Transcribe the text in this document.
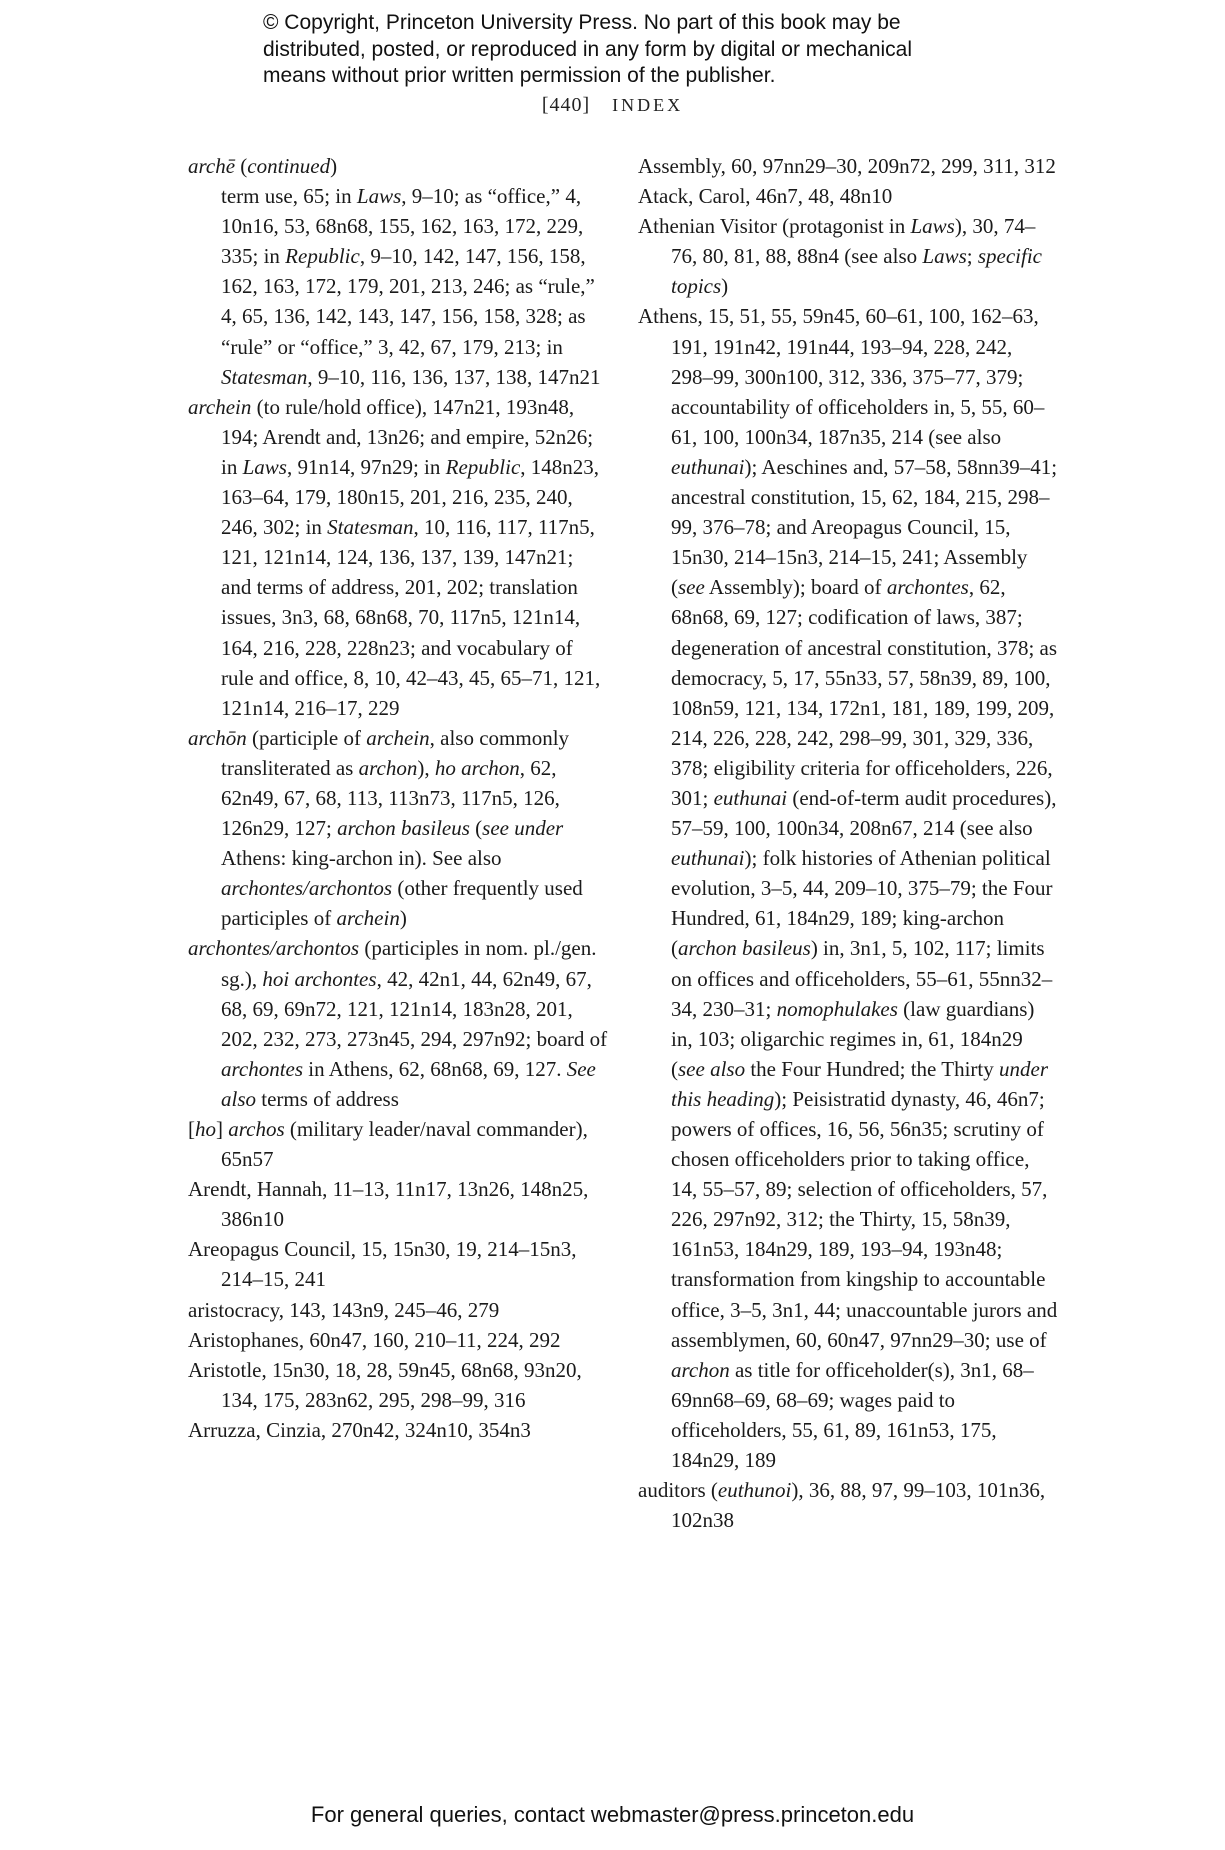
© Copyright, Princeton University Press. No part of this book may be
distributed, posted, or reproduced in any form by digital or mechanical
means without prior written permission of the publisher.
[440] INDEX

archē (continued)

term use, 65; in Laws, 9–10; as “office,” 4, 10n16, 53, 68n68, 155, 162, 163, 172, 229, 335; in Republic, 9–10, 142, 147, 156, 158, 162, 163, 172, 179, 201, 213, 246; as “rule,” 4, 65, 136, 142, 143, 147, 156, 158, 328; as “rule” or “office,” 3, 42, 67, 179, 213; in Statesman, 9–10, 116, 136, 137, 138, 147n21

archein (to rule/hold office), 147n21, 193n48, 194; Arendt and, 13n26; and empire, 52n26; in Laws, 91n14, 97n29; in Republic, 148n23, 163–64, 179, 180n15, 201, 216, 235, 240, 246, 302; in Statesman, 10, 116, 117, 117n5, 121, 121n14, 124, 136, 137, 139, 147n21; and terms of address, 201, 202; translation issues, 3n3, 68, 68n68, 70, 117n5, 121n14, 164, 216, 228, 228n23; and vocabulary of rule and office, 8, 10, 42–43, 45, 65–71, 121, 121n14, 216–17, 229

archōn (participle of archein, also commonly transliterated as archon), ho archon, 62, 62n49, 67, 68, 113, 113n73, 117n5, 126, 126n29, 127; archon basileus (see under Athens: king-archon in). See also archontes/archontos (other frequently used participles of archein)

archontes/archontos (participles in nom. pl./gen. sg.), hoi archontes, 42, 42n1, 44, 62n49, 67, 68, 69, 69n72, 121, 121n14, 183n28, 201, 202, 232, 273, 273n45, 294, 297n92; board of archontes in Athens, 62, 68n68, 69, 127. See also terms of address

[ho] archos (military leader/naval commander), 65n57

Arendt, Hannah, 11–13, 11n17, 13n26, 148n25, 386n10

Areopagus Council, 15, 15n30, 19, 214–15n3, 214–15, 241

aristocracy, 143, 143n9, 245–46, 279

Aristophanes, 60n47, 160, 210–11, 224, 292

Aristotle, 15n30, 18, 28, 59n45, 68n68, 93n20, 134, 175, 283n62, 295, 298–99, 316

Arruzza, Cinzia, 270n42, 324n10, 354n3

Assembly, 60, 97nn29–30, 209n72, 299, 311, 312

Atack, Carol, 46n7, 48, 48n10

Athenian Visitor (protagonist in Laws), 30, 74–76, 80, 81, 88, 88n4 (see also Laws; specific topics)

Athens, 15, 51, 55, 59n45, 60–61, 100, 162–63, 191, 191n42, 191n44, 193–94, 228, 242, 298–99, 300n100, 312, 336, 375–77, 379; accountability of officeholders in, 5, 55, 60–61, 100, 100n34, 187n35, 214 (see also euthunai); Aeschines and, 57–58, 58nn39–41; ancestral constitution, 15, 62, 184, 215, 298–99, 376–78; and Areopagus Council, 15, 15n30, 214–15n3, 214–15, 241; Assembly (see Assembly); board of archontes, 62, 68n68, 69, 127; codification of laws, 387; degeneration of ancestral constitution, 378; as democracy, 5, 17, 55n33, 57, 58n39, 89, 100, 108n59, 121, 134, 172n1, 181, 189, 199, 209, 214, 226, 228, 242, 298–99, 301, 329, 336, 378; eligibility criteria for officeholders, 226, 301; euthunai (end-of-term audit procedures), 57–59, 100, 100n34, 208n67, 214 (see also euthunai); folk histories of Athenian political evolution, 3–5, 44, 209–10, 375–79; the Four Hundred, 61, 184n29, 189; king-archon (archon basileus) in, 3n1, 5, 102, 117; limits on offices and officeholders, 55–61, 55nn32–34, 230–31; nomophulakes (law guardians) in, 103; oligarchic regimes in, 61, 184n29 (see also the Four Hundred; the Thirty under this heading); Peisistratid dynasty, 46, 46n7; powers of offices, 16, 56, 56n35; scrutiny of chosen officeholders prior to taking office, 14, 55–57, 89; selection of officeholders, 57, 226, 297n92, 312; the Thirty, 15, 58n39, 161n53, 184n29, 189, 193–94, 193n48; transformation from kingship to accountable office, 3–5, 3n1, 44; unaccountable jurors and assemblymen, 60, 60n47, 97nn29–30; use of archon as title for officeholder(s), 3n1, 68–69nn68–69, 68–69; wages paid to officeholders, 55, 61, 89, 161n53, 175, 184n29, 189

auditors (euthunoi), 36, 88, 97, 99–103, 101n36, 102n38

For general queries, contact webmaster@press.princeton.edu
